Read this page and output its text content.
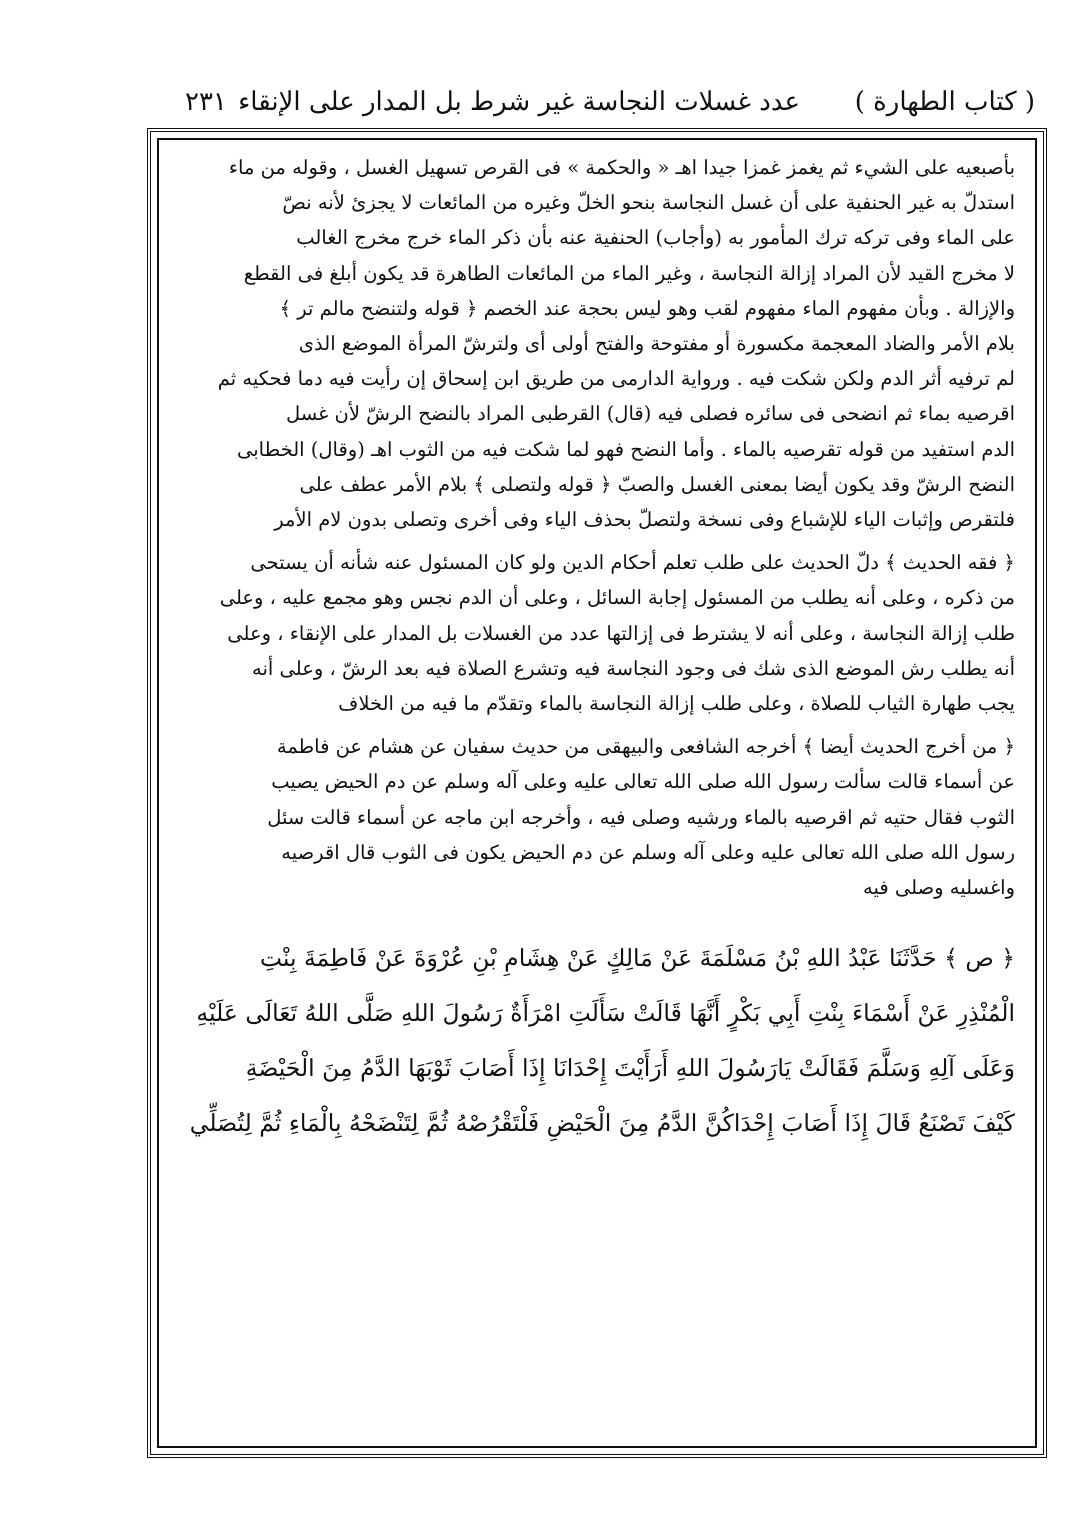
( كتاب الطهارة )
عدد غسلات النجاسة غير شرط بل المدار على الإنقاء
٢٣١

بأصبعيه على الشيء ثم يغمز غمزا جيدا اهـ « والحكمة » فى القرص تسهيل الغسل ، وقوله من ماء

استدلّ به غير الحنفية على أن غسل النجاسة بنحو الخلّ وغيره من المائعات لا يجزئ لأنه نصّ

على الماء وفى تركه ترك المأمور به (وأجاب) الحنفية عنه بأن ذكر الماء خرج مخرج الغالب

لا مخرج القيد لأن المراد إزالة النجاسة ، وغير الماء من المائعات الطاهرة قد يكون أبلغ فى القطع

والإزالة . وبأن مفهوم الماء مفهوم لقب وهو ليس بحجة عند الخصم ﴿ قوله ولتنضح مالم تر ﴾

بلام الأمر والضاد المعجمة مكسورة أو مفتوحة والفتح أولى أى ولترشّ المرأة الموضع الذى

لم ترفيه أثر الدم ولكن شكت فيه . ورواية الدارمى من طريق ابن إسحاق إن رأيت فيه دما فحكيه ثم

اقرصيه بماء ثم انضحى فى سائره فصلى فيه (قال) القرطبى المراد بالنضح الرشّ لأن غسل

الدم استفيد من قوله تقرصيه بالماء . وأما النضح فهو لما شكت فيه من الثوب اهـ (وقال) الخطابى

النضح الرشّ وقد يكون أيضا بمعنى الغسل والصبّ ﴿ قوله ولتصلى ﴾ بلام الأمر عطف على

فلتقرص وإثبات الياء للإشباع وفى نسخة ولتصلّ بحذف الياء وفى أخرى وتصلى بدون لام الأمر

﴿ فقه الحديث ﴾ دلّ الحديث على طلب تعلم أحكام الدين ولو كان المسئول عنه شأنه أن يستحى

من ذكره ، وعلى أنه يطلب من المسئول إجابة السائل ، وعلى أن الدم نجس وهو مجمع عليه ، وعلى

طلب إزالة النجاسة ، وعلى أنه لا يشترط فى إزالتها عدد من الغسلات بل المدار على الإنقاء ، وعلى

أنه يطلب رش الموضع الذى شك فى وجود النجاسة فيه وتشرع الصلاة فيه بعد الرشّ ، وعلى أنه

يجب طهارة الثياب للصلاة ، وعلى طلب إزالة النجاسة بالماء وتقدّم ما فيه من الخلاف

﴿ من أخرج الحديث أيضا ﴾ أخرجه الشافعى والبيهقى من حديث سفيان عن هشام عن فاطمة

عن أسماء قالت سألت رسول الله صلى الله تعالى عليه وعلى آله وسلم عن دم الحيض يصيب

الثوب فقال حتيه ثم اقرصيه بالماء ورشيه وصلى فيه ، وأخرجه ابن ماجه عن أسماء قالت سئل

رسول الله صلى الله تعالى عليه وعلى آله وسلم عن دم الحيض يكون فى الثوب قال اقرصيه

واغسليه وصلى فيه

﴿ ص ﴾ حَدَّثَنَا عَبْدُ اللهِ بْنُ مَسْلَمَةَ عَنْ مَالِكٍ عَنْ هِشَامِ بْنِ عُرْوَةَ عَنْ فَاطِمَةَ بِنْتِ

الْمُنْذِرِ عَنْ أَسْمَاءَ بِنْتِ أَبِي بَكْرٍ أَنَّهَا قَالَتْ سَأَلَتِ امْرَأَةٌ رَسُولَ اللهِ صَلَّى اللهُ تَعَالَى عَلَيْهِ

وَعَلَى آلِهِ وَسَلَّمَ فَقَالَتْ يَارَسُولَ اللهِ أَرَأَيْتَ إِحْدَانَا إِذَا أَصَابَ ثَوْبَهَا الدَّمُ مِنَ الْحَيْضَةِ

كَيْفَ تَصْنَعُ قَالَ إِذَا أَصَابَ إِحْدَاكُنَّ الدَّمُ مِنَ الْحَيْضِ فَلْتَقْرُصْهُ ثُمَّ لِتَنْضَحْهُ بِالْمَاءِ ثُمَّ لِتُصَلِّي
